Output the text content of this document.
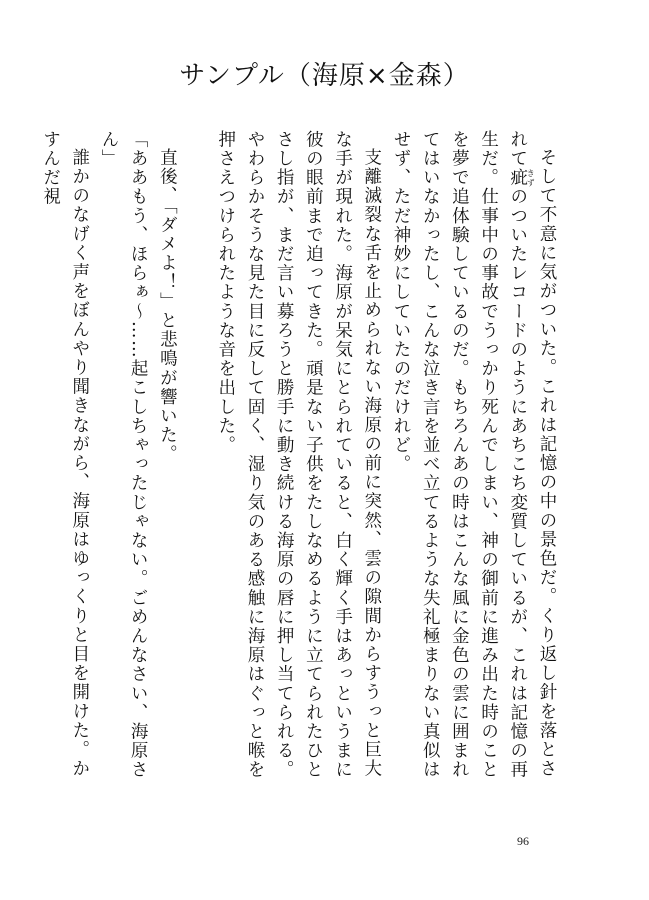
サンプル（海原×金森）

そして不意に気がついた。これは記憶の中の景色だ。くり返し針を落とされて疵きずのついたレコードのようにあちこち変質しているが、これは記憶の再生だ。仕事中の事故でうっかり死んでしまい、神の御前に進み出た時のことを夢で追体験しているのだ。もちろんあの時はこんな風に金色の雲に囲まれてはいなかったし、こんな泣き言を並べ立てるような失礼極まりない真似はせず、ただ神妙にしていたのだけれど。

支離滅裂な舌を止められない海原の前に突然、雲の隙間からすうっと巨大な手が現れた。海原が呆気にとられていると、白く輝く手はあっというまに彼の眼前まで迫ってきた。頑是ない子供をたしなめるように立てられたひとさし指が、まだ言い募ろうと勝手に動き続ける海原の唇に押し当てられる。やわらかそうな見た目に反して固く、湿り気のある感触に海原はぐっと喉を押さえつけられたような音を出した。

直後、「ダメよ！」と悲鳴が響いた。

「ああもう、ほらぁ～……起こしちゃったじゃない。ごめんなさい、海原さん」

誰かのなげく声をぼんやり聞きながら、海原はゆっくりと目を開けた。かすんだ視

96
